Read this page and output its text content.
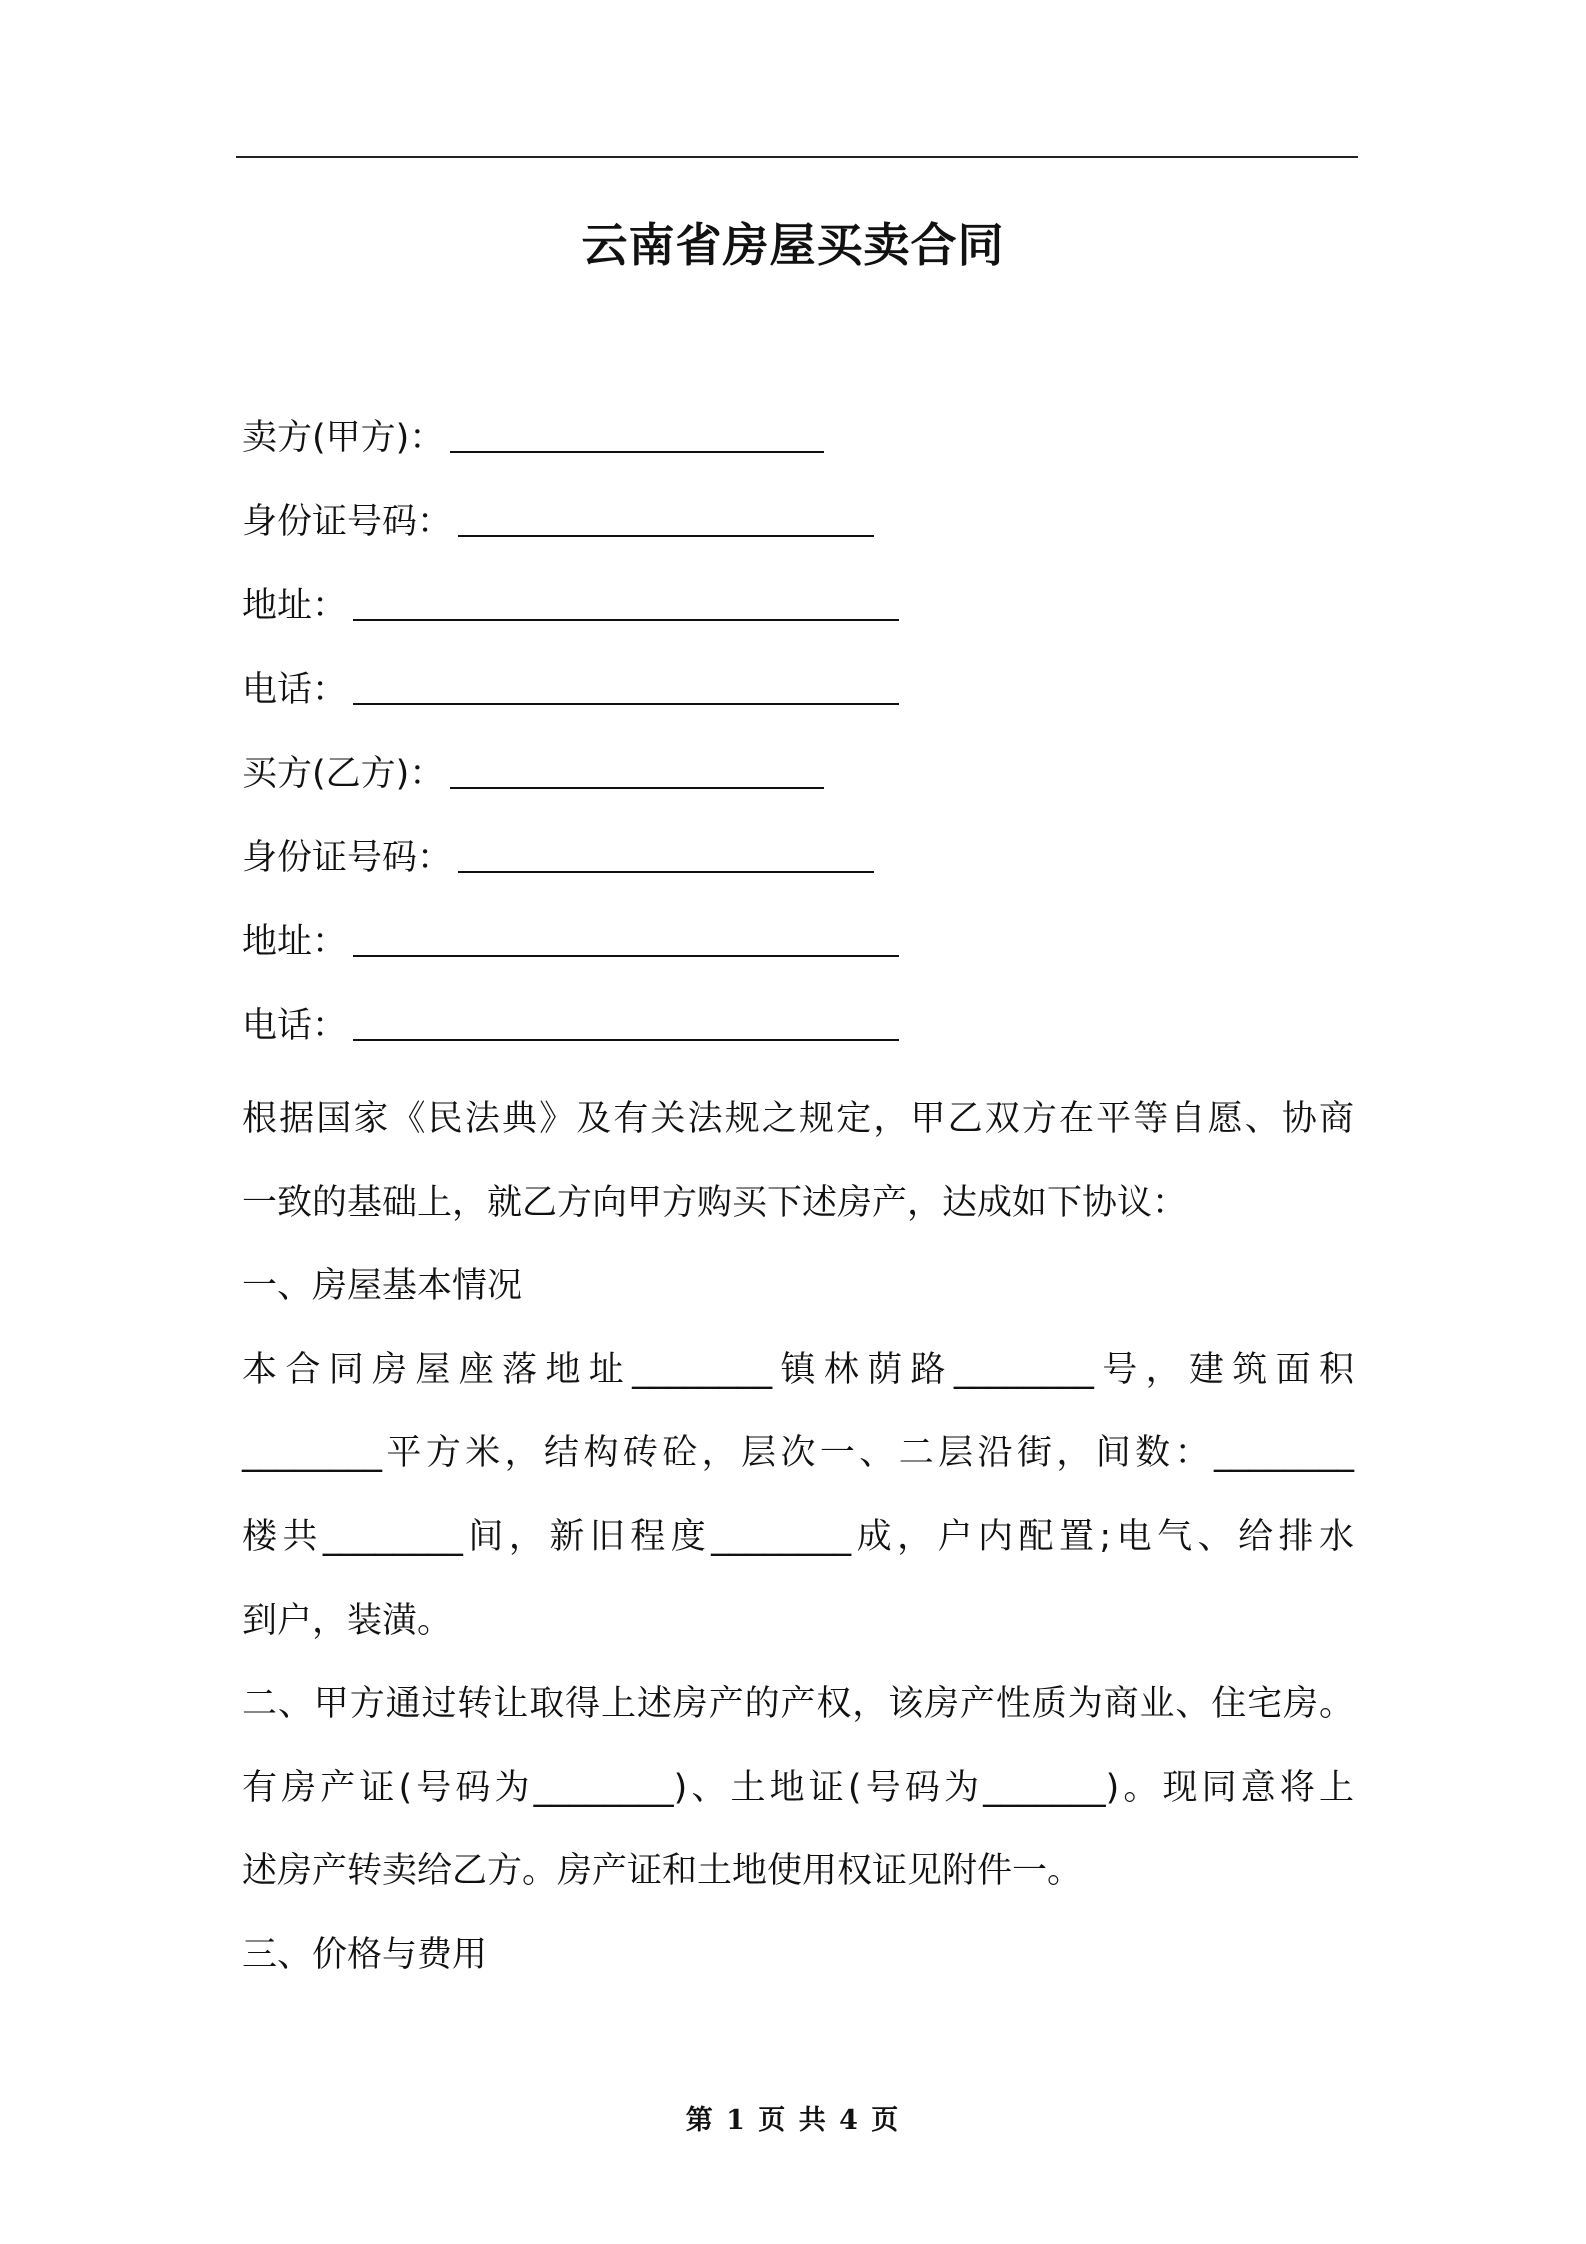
云南省房屋买卖合同
卖方(甲方)：
身份证号码：
地址：
电话：
买方(乙方)：
身份证号码：
地址：
电话：
根据国家《民法典》及有关法规之规定，甲乙双方在平等自愿、协商
一致的基础上，就乙方向甲方购买下述房产，达成如下协议：
一、房屋基本情况
本合同房屋座落地址________镇林荫路________号，建筑面积
________平方米，结构砖砼，层次一、二层沿街，间数：________
楼共________间，新旧程度________成，户内配置;电气、给排水
到户，装潢。
二、甲方通过转让取得上述房产的产权，该房产性质为商业、住宅房。
有房产证(号码为________)、土地证(号码为_______)。现同意将上
述房产转卖给乙方。房产证和土地使用权证见附件一。
三、价格与费用
第 1 页 共 4 页
